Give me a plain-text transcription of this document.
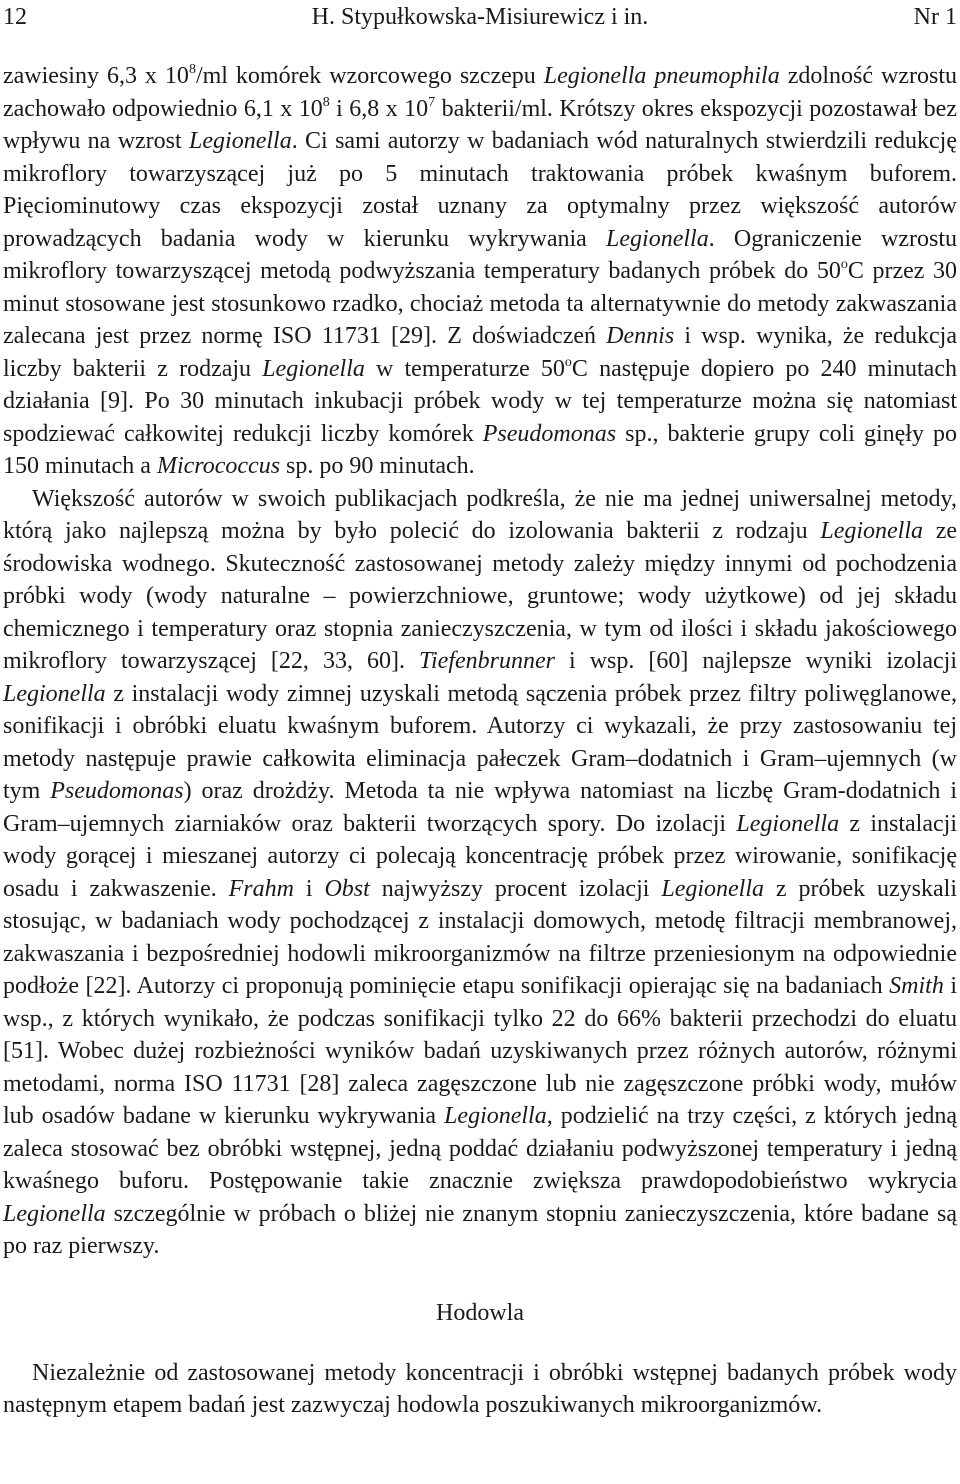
12	H. Stypułkowska-Misiurewicz i in.	Nr 1

zawiesiny 6,3 x $10^8/ml$ komórek wzorcowego szczepu Legionella pneumophila zdolność wzrostu zachowało odpowiednio 6,1 x $10^8$ i 6,8 x $10^7$ bakterii/ml. Krótszy okres ekspozycji pozostawał bez wpływu na wzrost Legionella. Ci sami autorzy w badaniach wód naturalnych stwierdzili redukcję mikroflory towarzyszącej już po 5 minutach traktowania próbek kwaśnym buforem. Pięciominutowy czas ekspozycji został uznany za optymalny przez większość autorów prowadzących badania wody w kierunku wykrywania Legionella. Ograniczenie wzrostu mikroflory towarzyszącej metodą podwyższania temperatury badanych próbek do 50$^o$C przez 30 minut stosowane jest stosunkowo rzadko, chociaż metoda ta alternatywnie do metody zakwaszania zalecana jest przez normę ISO 11731 [29]. Z doświadczeń Dennis i wsp. wynika, że redukcja liczby bakterii z rodzaju Legionella w temperaturze 50$^o$C następuje dopiero po 240 minutach działania [9]. Po 30 minutach inkubacji próbek wody w tej temperaturze można się natomiast spodziewać całkowitej redukcji liczby komórek Pseudomonas sp., bakterie grupy coli ginęły po 150 minutach a Micrococcus sp. po 90 minutach.

Większość autorów w swoich publikacjach podkreśla, że nie ma jednej uniwersalnej metody, którą jako najlepszą można by było polecić do izolowania bakterii z rodzaju Legionella ze środowiska wodnego. Skuteczność zastosowanej metody zależy między innymi od pochodzenia próbki wody (wody naturalne – powierzchniowe, gruntowe; wody użytkowe) od jej składu chemicznego i temperatury oraz stopnia zanieczyszczenia, w tym od ilości i składu jakościowego mikroflory towarzyszącej [22, 33, 60]. Tiefenbrunner i wsp. [60] najlepsze wyniki izolacji Legionella z instalacji wody zimnej uzyskali metodą sączenia próbek przez filtry poliwęglanowe, sonifikacji i obróbki eluatu kwaśnym buforem. Autorzy ci wykazali, że przy zastosowaniu tej metody następuje prawie całkowita eliminacja pałeczek Gram–dodatnich i Gram–ujemnych (w tym Pseudomonas) oraz drożdży. Metoda ta nie wpływa natomiast na liczbę Gram-dodatnich i Gram–ujemnych ziarniaków oraz bakterii tworzących spory. Do izolacji Legionella z instalacji wody gorącej i mieszanej autorzy ci polecają koncentrację próbek przez wirowanie, sonifikację osadu i zakwaszenie. Frahm i Obst najwyższy procent izolacji Legionella z próbek uzyskali stosując, w badaniach wody pochodzącej z instalacji domowych, metodę filtracji membranowej, zakwaszania i bezpośredniej hodowli mikroorganizmów na filtrze przeniesionym na odpowiednie podłoże [22]. Autorzy ci proponują pominięcie etapu sonifikacji opierając się na badaniach Smith i wsp., z których wynikało, że podczas sonifikacji tylko 22 do 66% bakterii przechodzi do eluatu [51]. Wobec dużej rozbieżności wyników badań uzyskiwanych przez różnych autorów, różnymi metodami, norma ISO 11731 [28] zaleca zagęszczone lub nie zagęszczone próbki wody, mułów lub osadów badane w kierunku wykrywania Legionella, podzielić na trzy części, z których jedną zaleca stosować bez obróbki wstępnej, jedną poddać działaniu podwyższonej temperatury i jedną kwaśnego buforu. Postępowanie takie znacznie zwiększa prawdopodobieństwo wykrycia Legionella szczególnie w próbach o bliżej nie znanym stopniu zanieczyszczenia, które badane są po raz pierwszy.

Hodowla

Niezależnie od zastosowanej metody koncentracji i obróbki wstępnej badanych próbek wody następnym etapem badań jest zazwyczaj hodowla poszukiwanych mikroorganizmów.
